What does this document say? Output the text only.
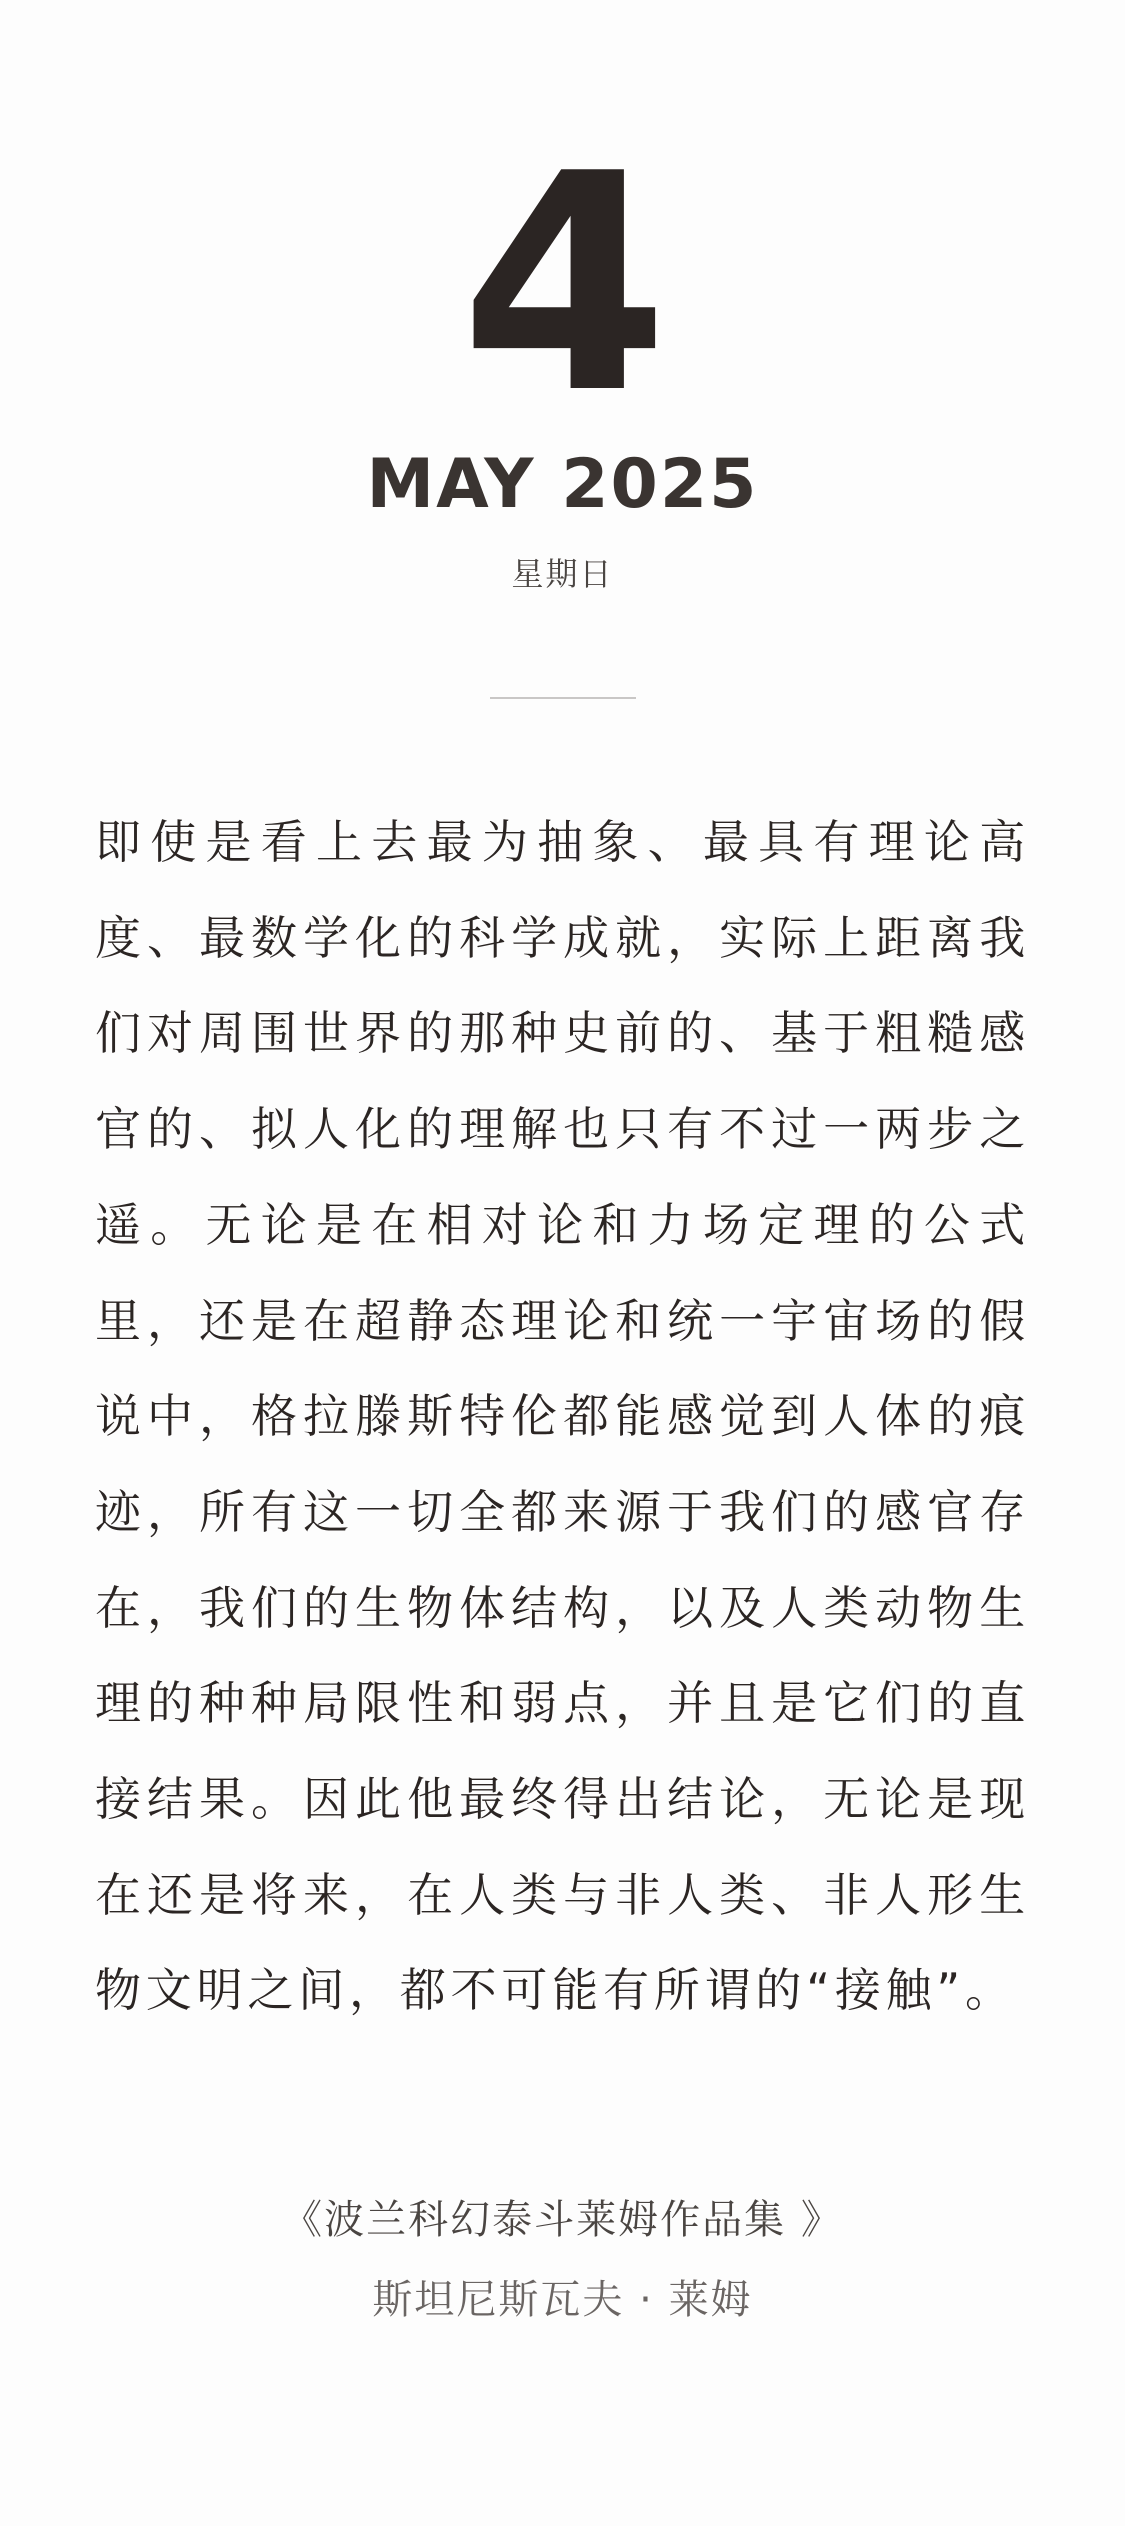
4
MAY 2025
星期日

即使是看上去最为抽象、最具有理论高度、最数学化的科学成就，实际上距离我们对周围世界的那种史前的、基于粗糙感官的、拟人化的理解也只有不过一两步之遥。无论是在相对论和力场定理的公式里，还是在超静态理论和统一宇宙场的假说中，格拉滕斯特伦都能感觉到人体的痕迹，所有这一切全都来源于我们的感官存在，我们的生物体结构，以及人类动物生理的种种局限性和弱点，并且是它们的直接结果。因此他最终得出结论，无论是现在还是将来，在人类与非人类、非人形生物文明之间，都不可能有所谓的“接触”。

《波兰科幻泰斗莱姆作品集 》
斯坦尼斯瓦夫 · 莱姆
